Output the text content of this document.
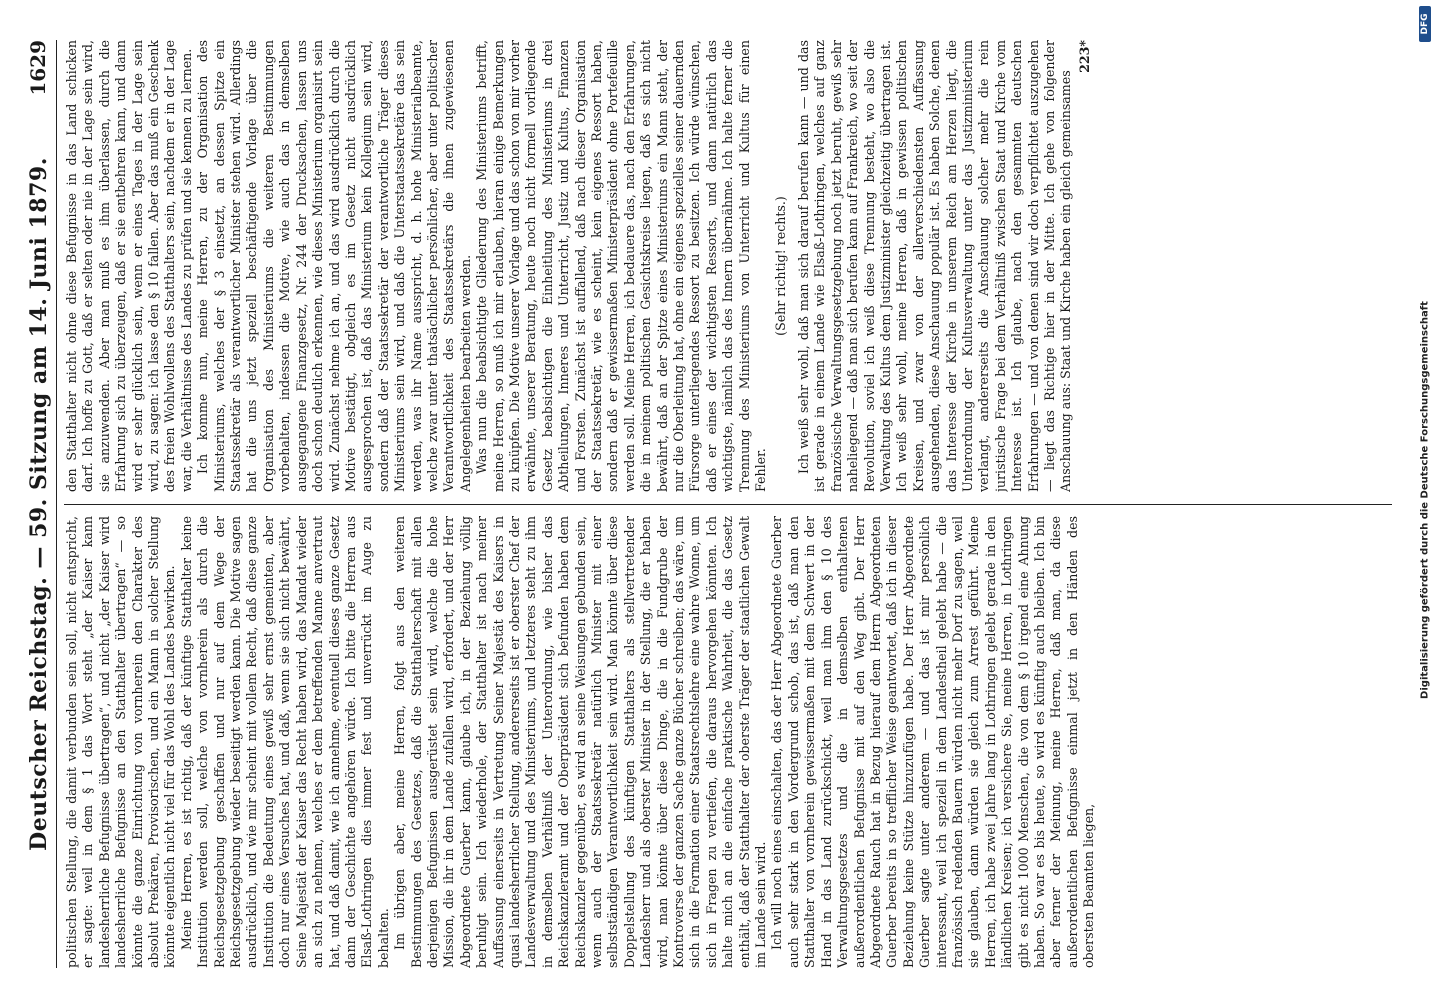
Deutscher Reichstag. — 59. Sitzung am 14. Juni 1879.
1629

politischen Stellung, die damit verbunden sein soll, nicht entspricht, er sagte: weil in dem § 1 das Wort steht „der Kaiser kann landesherrliche Befugnisse übertragen“, und nicht „der Kaiser wird landesherrliche Befugnisse an den Statthalter übertragen“ — so könnte die ganze Einrichtung von vornherein den Charakter des absolut Prekären, Provisorischen, und ein Mann in solcher Stellung könnte eigentlich nicht viel für das Wohl des Landes bewirken. Meine Herren, es ist richtig, daß der künftige Statthalter keine Institution werden soll, welche von vornherein als durch die Reichsgesetzgebung geschaffen und nur auf dem Wege der Reichsgesetzgebung wieder beseitigt werden kann. Die Motive sagen ausdrücklich, und wie mir scheint mit vollem Recht, daß diese ganze Institution die Bedeutung eines gewiß sehr ernst gemeinten, aber doch nur eines Versuches hat, und daß, wenn sie sich nicht bewährt, Seine Majestät der Kaiser das Recht haben wird, das Mandat wieder an sich zu nehmen, welches er dem betreffenden Manne anvertraut hat, und daß damit, wie ich annehme, eventuell dieses ganze Gesetz dann der Geschichte angehören würde. Ich bitte die Herren aus Elsaß-Lothringen dies immer fest und unverrückt im Auge zu behalten. Im übrigen aber, meine Herren, folgt aus den weiteren Bestimmungen des Gesetzes, daß die Statthalterschaft mit allen derjenigen Befugnissen ausgerüstet sein wird, welche die hohe Mission, die ihr in dem Lande zufallen wird, erfordert, und der Herr Abgeordnete Guerber kann, glaube ich, in der Beziehung völlig beruhigt sein. Ich wiederhole, der Statthalter ist nach meiner Auffassung einerseits in Vertretung Seiner Majestät des Kaisers in quasi landesherrlicher Stellung, andererseits ist er oberster Chef der Landesverwaltung und des Ministeriums, und letzteres steht zu ihm in demselben Verhältniß der Unterordnung, wie bisher das Reichskanzleramt und der Oberpräsident sich befunden haben dem Reichskanzler gegenüber, es wird an seine Weisungen gebunden sein, wenn auch der Staatssekretär natürlich Minister mit einer selbstständigen Verantwortlichkeit sein wird. Man könnte über diese Doppelstellung des künftigen Statthalters als stellvertretender Landesherr und als oberster Minister in der Stellung, die er haben wird, man könnte über diese Dinge, die in die Fundgrube der Kontroverse der ganzen Sache ganze Bücher schreiben; das wäre, um sich in die Formation einer Staatsrechtslehre eine wahre Wonne, um sich in Fragen zu vertiefen, die daraus hervorgehen könnten. Ich halte mich an die einfache praktische Wahrheit, die das Gesetz enthält, daß der Statthalter der oberste Träger der staatlichen Gewalt im Lande sein wird. Ich will noch eines einschalten, das der Herr Abgeordnete Guerber auch sehr stark in den Vordergrund schob, das ist, daß man den Statthalter von vornherein gewissermaßen mit dem Schwert in der Hand in das Land zurückschickt, weil man ihm den § 10 des Verwaltungsgesetzes und die in demselben enthaltenen außerordentlichen Befugnisse mit auf den Weg gibt. Der Herr Abgeordnete Rauch hat in Bezug hierauf dem Herrn Abgeordneten Guerber bereits in so trefflicher Weise geantwortet, daß ich in dieser Beziehung keine Stütze hinzuzufügen habe. Der Herr Abgeordnete Guerber sagte unter anderem — und das ist mir persönlich interessant, weil ich speziell in dem Landestheil gelebt habe — die französisch redenden Bauern würden nicht mehr Dorf zu sagen, weil sie glauben, dann würden sie gleich zum Arrest geführt. Meine Herren, ich habe zwei Jahre lang in Lothringen gelebt gerade in den ländlichen Kreisen; ich versichere Sie, meine Herren, in Lothringen gibt es nicht 1000 Menschen, die von dem § 10 irgend eine Ahnung haben. So war es bis heute, so wird es künftig auch bleiben. Ich bin aber ferner der Meinung, meine Herren, daß man, da diese außerordentlichen Befugnisse einmal jetzt in den Händen des obersten Beamten liegen,

den Statthalter nicht ohne diese Befugnisse in das Land schicken darf. Ich hoffe zu Gott, daß er selten oder nie in der Lage sein wird, sie anzuwenden. Aber man muß es ihm überlassen, durch die Erfahrung sich zu überzeugen, daß er sie entbehren kann, und dann wird er sehr glücklich sein, wenn er eines Tages in der Lage sein wird, zu sagen: ich lasse den § 10 fallen. Aber das muß ein Geschenk des freien Wohlwollens des Statthalters sein, nachdem er in der Lage war, die Verhältnisse des Landes zu prüfen und sie kennen zu lernen. Ich komme nun, meine Herren, zu der Organisation des Ministeriums, welches der § 3 einsetzt, an dessen Spitze ein Staatssekretär als verantwortlicher Minister stehen wird. Allerdings hat die uns jetzt speziell beschäftigende Vorlage über die Organisation des Ministeriums die weiteren Bestimmungen vorbehalten, indessen die Motive, wie auch das in demselben ausgegangene Finanzgesetz, Nr. 244 der Drucksachen, lassen uns doch schon deutlich erkennen, wie dieses Ministerium organisirt sein wird. Zunächst nehme ich an, und das wird ausdrücklich durch die Motive bestätigt, obgleich es im Gesetz nicht ausdrücklich ausgesprochen ist, daß das Ministerium kein Kollegium sein wird, sondern daß der Staatssekretär der verantwortliche Träger dieses Ministeriums sein wird, und daß die Unterstaatssekretäre das sein werden, was ihr Name ausspricht, d. h. hohe Ministerialbeamte, welche zwar unter thatsächlicher persönlicher, aber unter politischer Verantwortlichkeit des Staatssekretärs die ihnen zugewiesenen Angelegenheiten bearbeiten werden. Was nun die beabsichtigte Gliederung des Ministeriums betrifft, meine Herren, so muß ich mir erlauben, hieran einige Bemerkungen zu knüpfen. Die Motive unserer Vorlage und das schon von mir vorher erwähnte, unserer Beratung, heute noch nicht formell vorliegende Gesetz beabsichtigen die Einheitlung des Ministeriums in drei Abtheilungen, Inneres und Unterricht, Justiz und Kultus, Finanzen und Forsten. Zunächst ist auffallend, daß nach dieser Organisation der Staatssekretär, wie es scheint, kein eigenes Ressort haben, sondern daß er gewissermaßen Ministerpräsident ohne Portefeuille werden soll. Meine Herren, ich bedauere das, nach den Erfahrungen, die in meinem politischen Gesichtskreise liegen, daß es sich nicht bewährt, daß an der Spitze eines Ministeriums ein Mann steht, der nur die Oberleitung hat, ohne ein eigenes spezielles seiner dauernden Fürsorge unterliegendes Ressort zu besitzen. Ich würde wünschen, daß er eines der wichtigsten Ressorts, und dann natürlich das wichtigste, nämlich das des Innern übernähme. Ich halte ferner die Trennung des Ministeriums von Unterricht und Kultus für einen Fehler.

(Sehr richtig! rechts.) Ich weiß sehr wohl, daß man sich darauf berufen kann — und das ist gerade in einem Lande wie Elsaß-Lothringen, welches auf ganz französische Verwaltungsgesetzgebung noch jetzt beruht, gewiß sehr naheliegend — daß man sich berufen kann auf Frankreich, wo seit der Revolution, soviel ich weiß diese Trennung besteht, wo also die Verwaltung des Kultus dem Justizminister gleichzeitig übertragen ist. Ich weiß sehr wohl, meine Herren, daß in gewissen politischen Kreisen, und zwar von der allerverschiedensten Auffassung ausgehenden, diese Anschauung populär ist. Es haben Solche, denen das Interesse der Kirche in unserem Reich am Herzen liegt, die Unterordnung der Kultusverwaltung unter das Justizministerium verlangt, andererseits die Anschauung solcher mehr die rein juristische Frage bei dem Verhältniß zwischen Staat und Kirche vom Interesse ist. Ich glaube, nach den gesammten deutschen Erfahrungen — und von denen sind wir doch verpflichtet auszugehen — liegt das Richtige hier in der Mitte. Ich gehe von folgender Anschauung aus: Staat und Kirche haben ein gleich gemeinsames

223*

DFG
Digitalisierung gefördert durch die Deutsche Forschungsgemeinschaft
